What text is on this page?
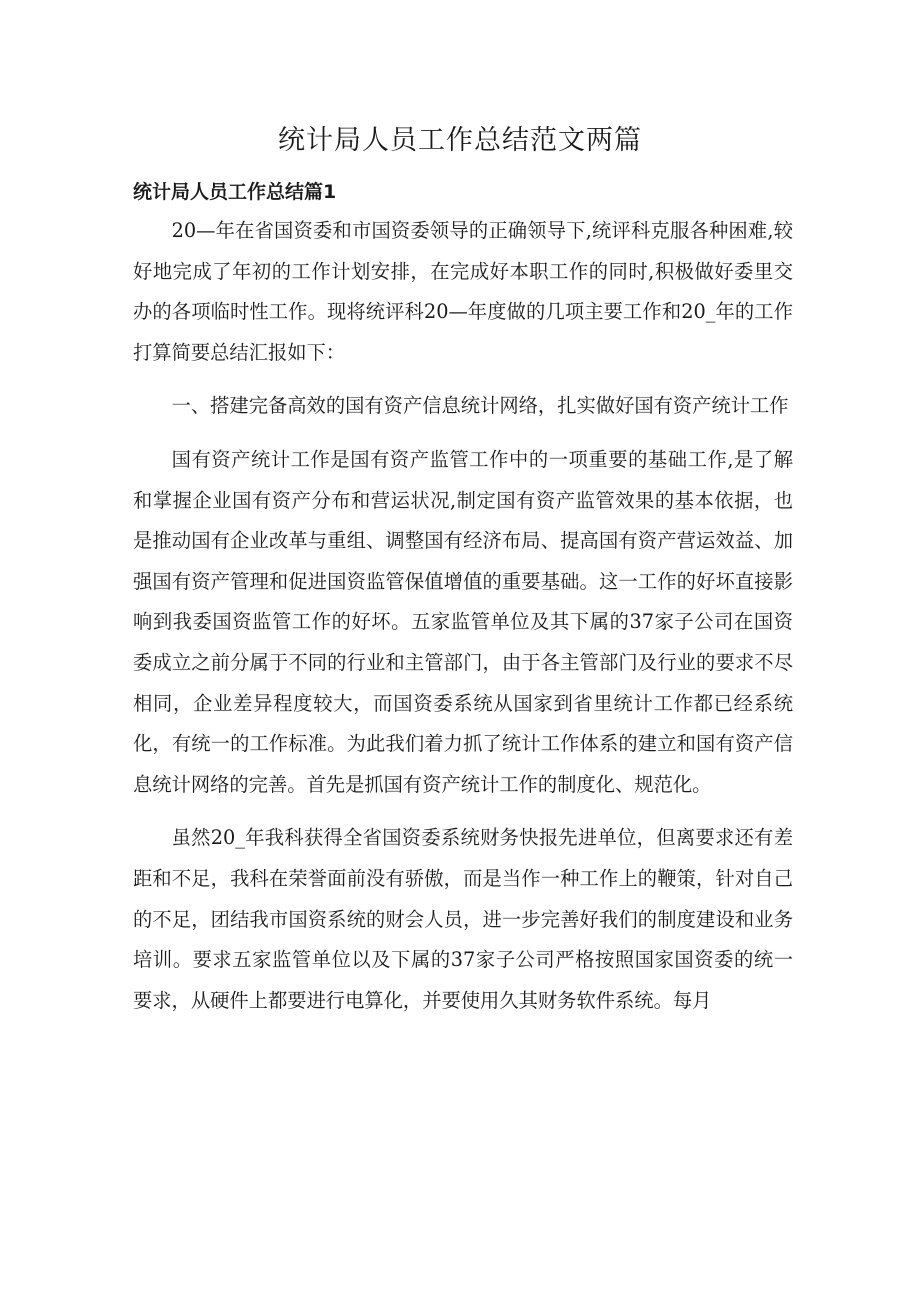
统计局人员工作总结范文两篇
统计局人员工作总结篇1

20—年在省国资委和市国资委领导的正确领导下,统评科克服各种困难,较好地完成了年初的工作计划安排，在完成好本职工作的同时,积极做好委里交办的各项临时性工作。现将统评科20—年度做的几项主要工作和20_年的工作打算简要总结汇报如下：

一、搭建完备高效的国有资产信息统计网络，扎实做好国有资产统计工作

国有资产统计工作是国有资产监管工作中的一项重要的基础工作,是了解和掌握企业国有资产分布和营运状况,制定国有资产监管效果的基本依据，也是推动国有企业改革与重组、调整国有经济布局、提高国有资产营运效益、加强国有资产管理和促进国资监管保值增值的重要基础。这一工作的好坏直接影响到我委国资监管工作的好坏。五家监管单位及其下属的37家子公司在国资委成立之前分属于不同的行业和主管部门，由于各主管部门及行业的要求不尽相同，企业差异程度较大，而国资委系统从国家到省里统计工作都已经系统化，有统一的工作标准。为此我们着力抓了统计工作体系的建立和国有资产信息统计网络的完善。首先是抓国有资产统计工作的制度化、规范化。

虽然20_年我科获得全省国资委系统财务快报先进单位，但离要求还有差距和不足，我科在荣誉面前没有骄傲，而是当作一种工作上的鞭策，针对自己的不足，团结我市国资系统的财会人员，进一步完善好我们的制度建设和业务培训。要求五家监管单位以及下属的37家子公司严格按照国家国资委的统一要求，从硬件上都要进行电算化，并要使用久其财务软件系统。每月
